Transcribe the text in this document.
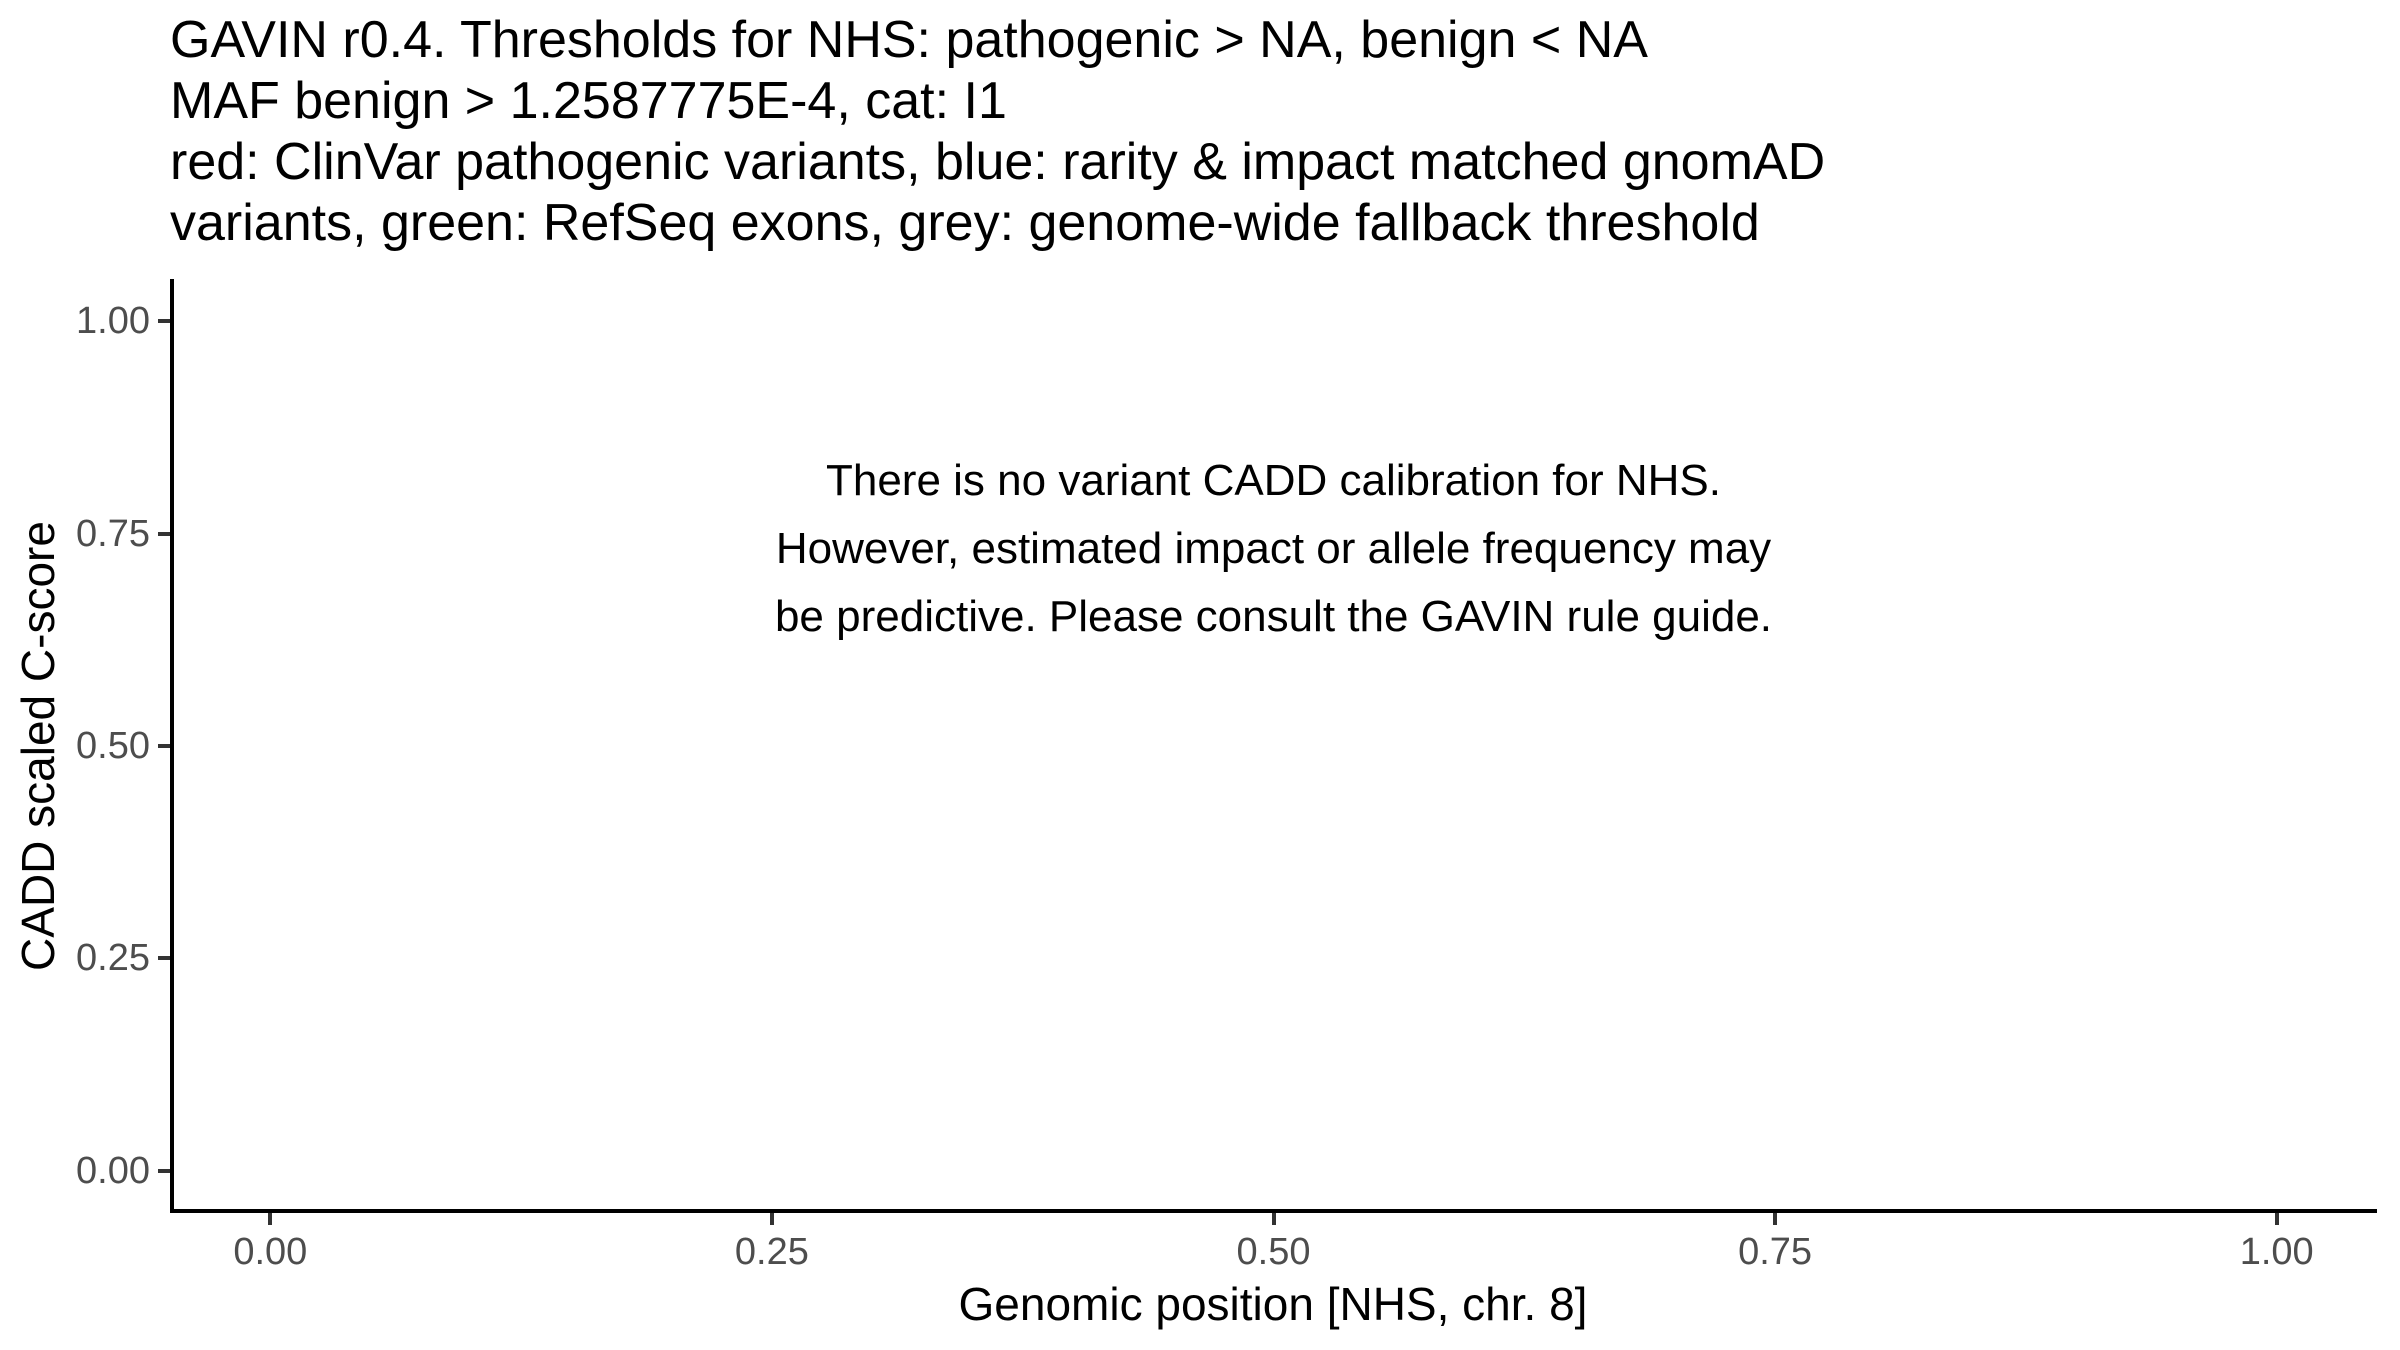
GAVIN r0.4. Thresholds for NHS: pathogenic > NA, benign < NA
MAF benign > 1.2587775E-4, cat: I1
red: ClinVar pathogenic variants, blue: rarity & impact matched gnomAD
variants, green: RefSeq exons, grey: genome-wide fallback threshold
CADD scaled C-score
0.00	0.25	0.50	0.75	1.00
0.00
0.25
0.50
0.75
1.00
There is no variant CADD calibration for NHS.
However, estimated impact or allele frequency may
be predictive. Please consult the GAVIN rule guide.
Genomic position [NHS, chr. 8]
